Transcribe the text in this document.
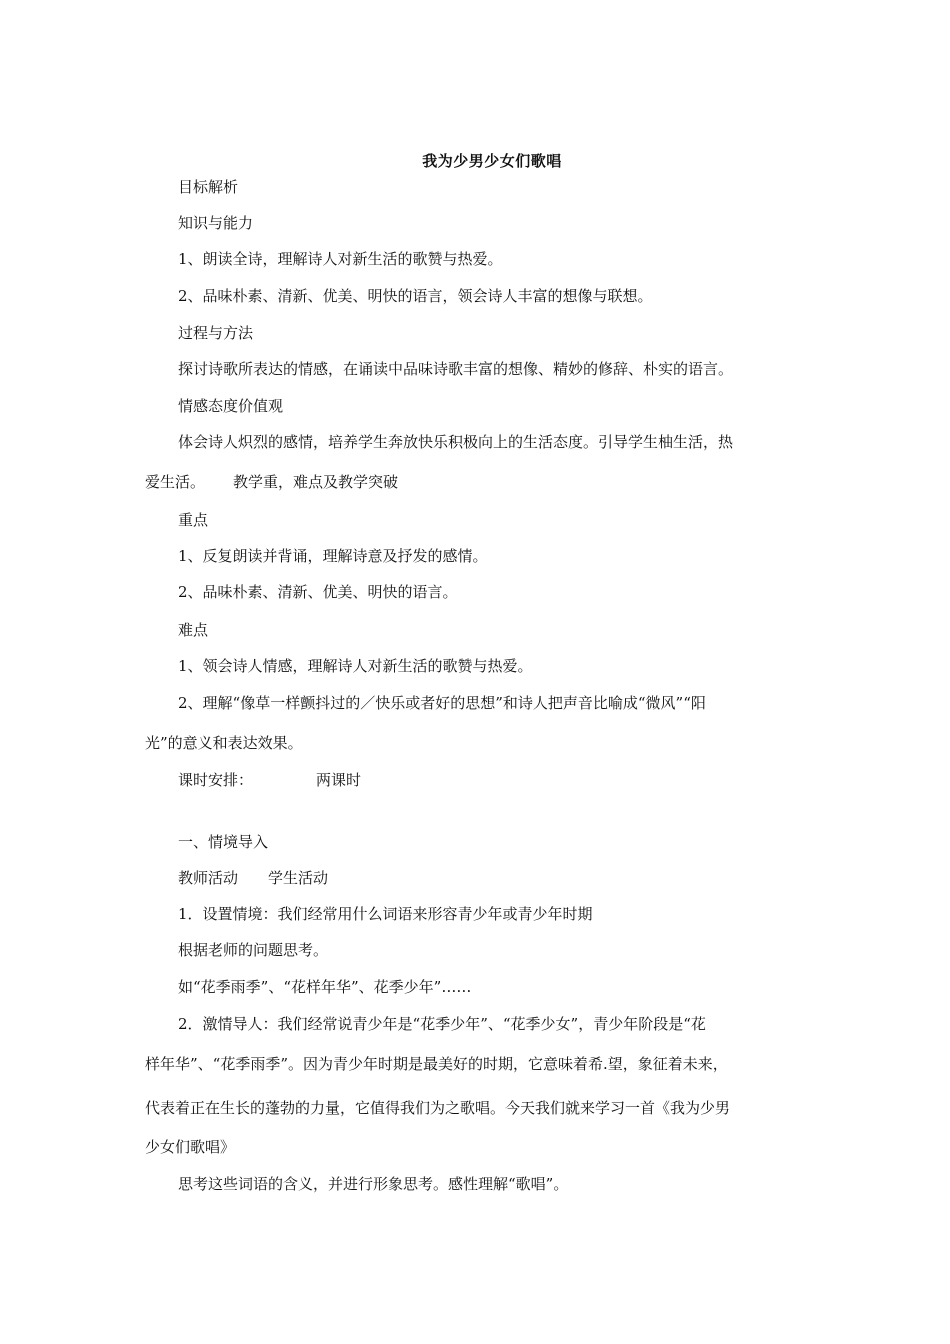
我为少男少女们歌唱
目标解析
知识与能力
1、朗读全诗，理解诗人对新生活的歌赞与热爱。
2、品味朴素、清新、优美、明快的语言，领会诗人丰富的想像与联想。
过程与方法
探讨诗歌所表达的情感，在诵读中品味诗歌丰富的想像、精妙的修辞、朴实的语言。
情感态度价值观
体会诗人炽烈的感情，培养学生奔放快乐积极向上的生活态度。引导学生柚生活，热
爱生活。 教学重，难点及教学突破
重点
1、反复朗读并背诵，理解诗意及抒发的感情。
2、品味朴素、清新、优美、明快的语言。
难点
1、领会诗人情感，理解诗人对新生活的歌赞与热爱。
2、理解“像草一样颤抖过的／快乐或者好的思想”和诗人把声音比喻成“微风”“阳
光”的意义和表达效果。
课时安排：	两课时
一、情境导入
教师活动 学生活动
1．设置情境：我们经常用什么词语来形容青少年或青少年时期
根据老师的问题思考。
如“花季雨季”、“花样年华”、花季少年”……
2．激情导人：我们经常说青少年是“花季少年”、“花季少女”，青少年阶段是“花
样年华”、“花季雨季”。因为青少年时期是最美好的时期，它意味着希.望，象征着未来，
代表着正在生长的蓬勃的力量，它值得我们为之歌唱。今天我们就来学习一首《我为少男
少女们歌唱》
思考这些词语的含义，并进行形象思考。感性理解“歌唱”。
